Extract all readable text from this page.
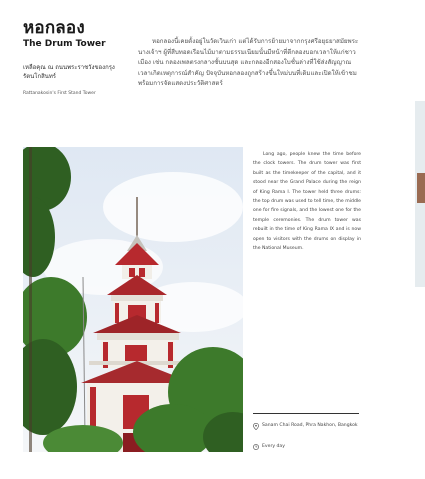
หอกลอง
The Drum Tower

เหลือคุณ ณ ถนนพระราชวังของกรุงรัตนโกสินทร์

Rattanakosin's First Stand Tower

หอกลองนี้เคยตั้งอยู่ในวัดเวินเก่า แต่ได้รับการย้ายมาจากกรุงศรีอยุธยาสมัยพระนางเจ้าฯ ผู้ที่สืบทอดเรือนไม้มาตามธรรมเนียมนั้นมีหน้าที่ตีกลองบอกเวลาให้แก่ชาวเมือง เช่น กลองเพลตรงกลางชั้นบนสุด และกลองอีกสองใบชั้นล่างที่ใช้ส่งสัญญาณเวลาเกิดเหตุการณ์สำคัญ ปัจจุบันหอกลองถูกสร้างขึ้นใหม่บนที่เดิมและเปิดให้เข้าชมพร้อมการจัดแสดงประวัติศาสตร์

Long ago, people knew the time before the clock towers. The drum tower was first built as the timekeeper of the capital, and it stood near the Grand Palace during the reign of King Rama I. The tower held three drums: the top drum was used to tell time, the middle one for fire signals, and the lowest one for the temple ceremonies. The drum tower was rebuilt in the time of King Rama IX and is now open to visitors with the drums on display in the National Museum.

Sanam Chai Road, Phra Nakhon, Bangkok
Every day
